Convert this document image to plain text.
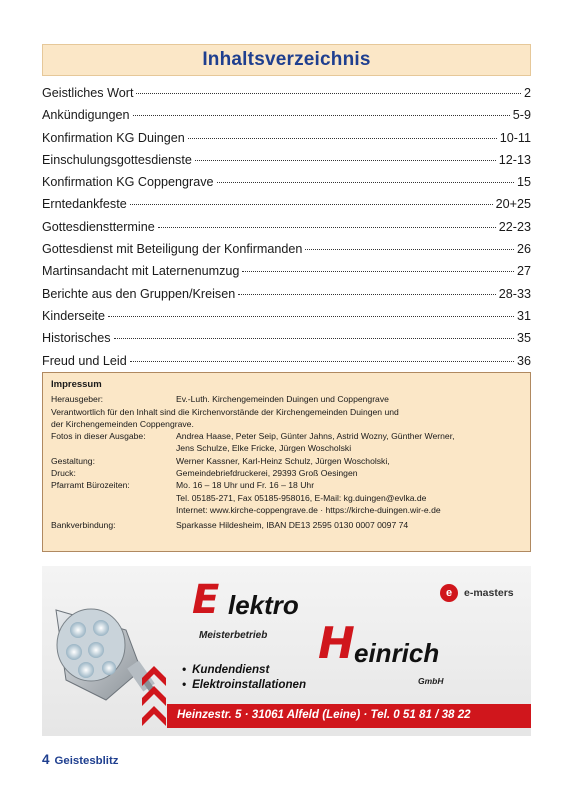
Inhaltsverzeichnis
Geistliches Wort	2
Ankündigungen	5-9
Konfirmation KG Duingen	10-11
Einschulungsgottesdienste	12-13
Konfirmation KG Coppengrave	15
Erntedankfeste	20+25
Gottesdiensttermine	22-23
Gottesdienst mit Beteiligung der Konfirmanden	26
Martinsandacht mit Laternenumzug	27
Berichte aus den Gruppen/Kreisen	28-33
Kinderseite	31
Historisches	35
Freud und Leid	36
Impressum
Herausgeber:	Ev.-Luth. Kirchengemeinden Duingen und Coppengrave
Verantwortlich für den Inhalt sind die Kirchenvorstände der Kirchengemeinden Duingen und
der Kirchengemeinden Coppengrave.
Fotos in dieser Ausgabe:	Andrea Haase, Peter Seip, Günter Jahns, Astrid Wozny, Günther Werner,
Jens Schulze, Elke Fricke, Jürgen Woscholski
Gestaltung:	Werner Kassner, Karl-Heinz Schulz, Jürgen Woscholski,
Druck:	Gemeindebriefdruckerei, 29393 Groß Oesingen
Pfarramt Bürozeiten:	Mo. 16 – 18 Uhr und Fr. 16 – 18 Uhr
Tel. 05185-271, Fax 05185-958016, E-Mail: kg.duingen@evlka.de
Internet: www.kirche-coppengrave.de · https://kirche-duingen.wir-e.de
Bankverbindung:	Sparkasse Hildesheim, IBAN DE13 2595 0130 0007 0097 74
E lektro
Meisterbetrieb H einrich
GmbH
• Kundendienst
• Elektroinstallationen
e	e-masters
Heinzestr. 5 · 31061 Alfeld (Leine) · Tel. 0 51 81 / 38 22
4 Geistesblitz
